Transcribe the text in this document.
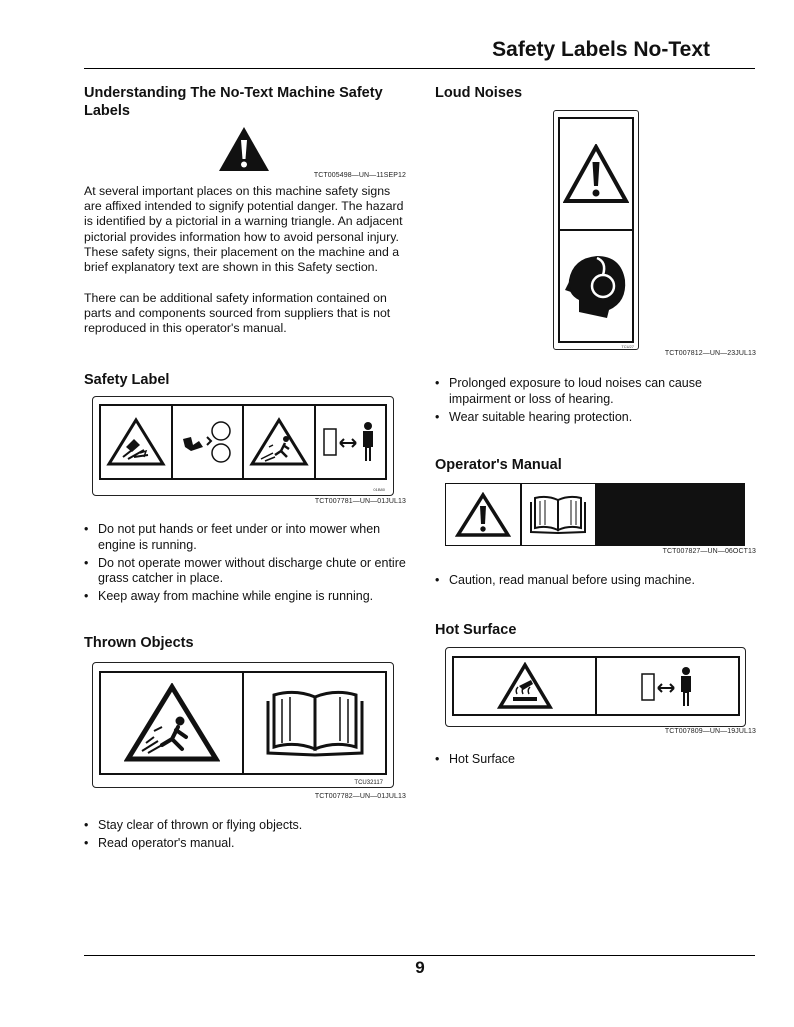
Safety Labels No-Text
Understanding The No-Text Machine Safety Labels
TCT005498—UN—11SEP12

At several important places on this machine safety signs are affixed intended to signify potential danger. The hazard is identified by a pictorial in a warning triangle. An adjacent pictorial provides information how to avoid personal injury. These safety signs, their placement on the machine and a brief explanatory text are shown in this Safety section.

There can be additional safety information contained on parts and components sourced from suppliers that is not reproduced in this operator's manual.

Safety Label
01B80
TCT007781—UN—01JUL13
• Do not put hands or feet under or into mower when engine is running.
• Do not operate mower without discharge chute or entire grass catcher in place.
• Keep away from machine while engine is running.
Thrown Objects
TCU32117
TCT007782—UN—01JUL13
• Stay clear of thrown or flying objects.
• Read operator's manual.
Loud Noises
TCU27
TCT007812—UN—23JUL13
• Prolonged exposure to loud noises can cause impairment or loss of hearing.
• Wear suitable hearing protection.
Operator's Manual
TCT007827—UN—06OCT13
• Caution, read manual before using machine.
Hot Surface
TCT007809—UN—19JUL13
• Hot Surface
9
